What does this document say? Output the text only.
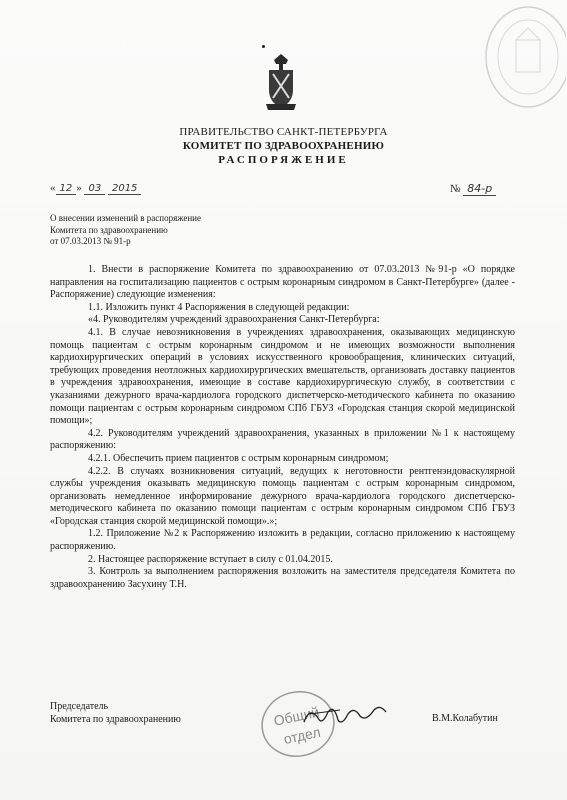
ПРАВИТЕЛЬСТВО САНКТ-ПЕТЕРБУРГА
КОМИТЕТ ПО ЗДРАВООХРАНЕНИЮ
РАСПОРЯЖЕНИЕ
« 12 » 03 2015	№ 84-р
О внесении изменений в распоряжение
Комитета по здравоохранению
от 07.03.2013 № 91-р

1. Внести в распоряжение Комитета по здравоохранению от 07.03.2013 №91-р «О порядке направления на госпитализацию пациентов с острым коронарным синдромом в Санкт-Петербурге» (далее - Распоряжение) следующие изменения:

1.1. Изложить пункт 4 Распоряжения в следующей редакции:

«4. Руководителям учреждений здравоохранения Санкт-Петербурга:

4.1. В случае невозникновения в учреждениях здравоохранения, оказывающих медицинскую помощь пациентам с острым коронарным синдромом и не имеющих возможности выполнения кардиохирургических операций в условиях искусственного кровообращения, клинических ситуаций, требующих проведения неотложных кардиохирургических вмешательств, организовать доставку пациентов в учреждения здравоохранения, имеющие в составе кардиохирургическую службу, в соответствии с указаниями дежурного врача-кардиолога городского диспетчерско-методического кабинета по оказанию помощи пациентам с острым коронарным синдромом СПб ГБУЗ «Городская станция скорой медицинской помощи»;

4.2. Руководителям учреждений здравоохранения, указанных в приложении №1 к настоящему распоряжению:

4.2.1. Обеспечить прием пациентов с острым коронарным синдромом;

4.2.2. В случаях возникновения ситуаций, ведущих к неготовности рентгенэндоваскулярной службы учреждения оказывать медицинскую помощь пациентам с острым коронарным синдромом, организовать немедленное информирование дежурного врача-кардиолога городского диспетчерско-методического кабинета по оказанию помощи пациентам с острым коронарным синдромом СПб ГБУЗ «Городская станция скорой медицинской помощи».»;

1.2. Приложение №2 к Распоряжению изложить в редакции, согласно приложению к настоящему распоряжению.

2. Настоящее распоряжение вступает в силу с 01.04.2015.

3. Контроль за выполнением распоряжения возложить на заместителя председателя Комитета по здравоохранению Засухину Т.Н.

Председатель
Комитета по здравоохранению	Общий
отдел
В.М.Колабутин
